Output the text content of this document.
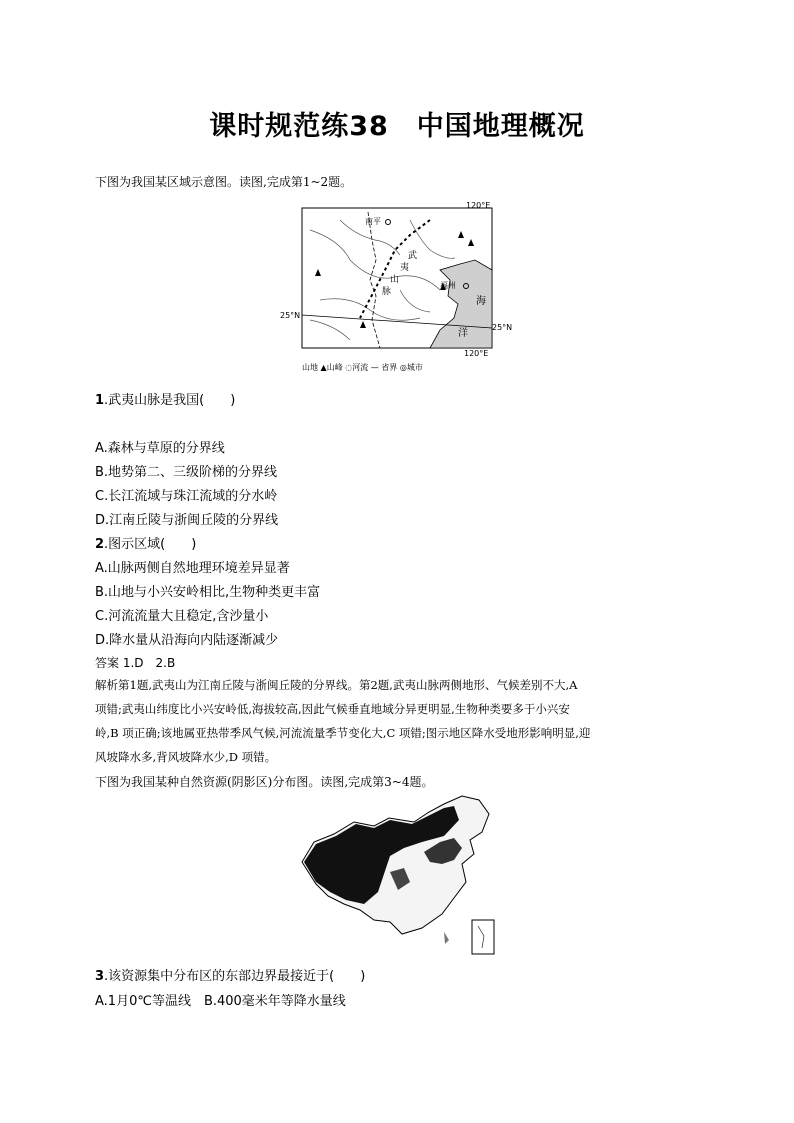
课时规范练38　中国地理概况
下图为我国某区域示意图。读图,完成第1~2题。
南平
福州
武
夷
山
脉
海
洋
120°E
120°E
25°N
25°N
山地 ▲山峰 ◌河流 — 省界 ◎城市
1.武夷山脉是我国(　　)
A.森林与草原的分界线
B.地势第二、三级阶梯的分界线
C.长江流域与珠江流域的分水岭
D.江南丘陵与浙闽丘陵的分界线
2.图示区域(　　)
A.山脉两侧自然地理环境差异显著
B.山地与小兴安岭相比,生物种类更丰富
C.河流流量大且稳定,含沙量小
D.降水量从沿海向内陆逐渐减少
答案 1.D　2.B
解析第1题,武夷山为江南丘陵与浙闽丘陵的分界线。第2题,武夷山脉两侧地形、气候差别不大,A
项错;武夷山纬度比小兴安岭低,海拔较高,因此气候垂直地域分异更明显,生物种类要多于小兴安
岭,B 项正确;该地属亚热带季风气候,河流流量季节变化大,C 项错;图示地区降水受地形影响明显,迎
风坡降水多,背风坡降水少,D 项错。
下图为我国某种自然资源(阴影区)分布图。读图,完成第3~4题。
3.该资源集中分布区的东部边界最接近于(　　)
A.1月0℃等温线　B.400毫米年等降水量线
